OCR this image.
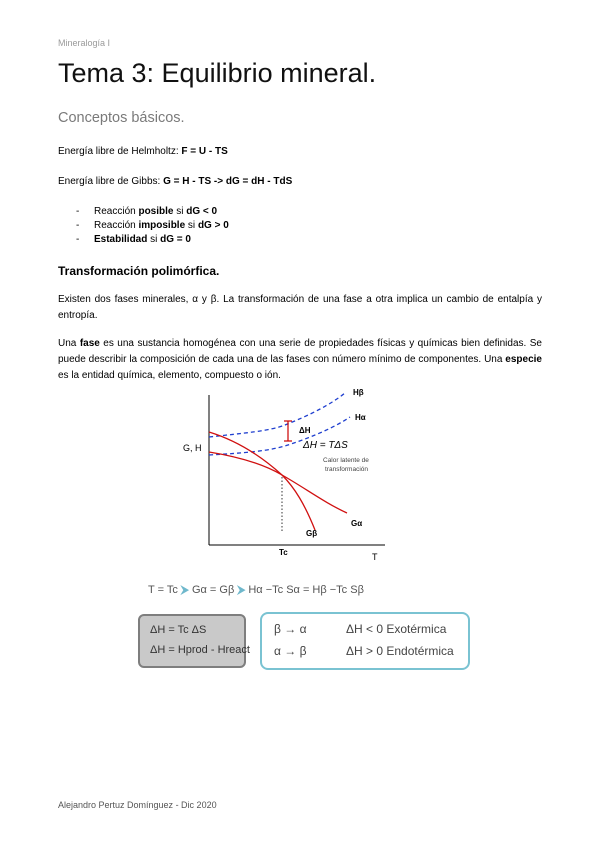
Mineralogía I
Tema 3: Equilibrio mineral.
Conceptos básicos.
Energía libre de Helmholtz: F = U - TS
Energía libre de Gibbs: G = H - TS -> dG = dH - TdS
- Reacción posible si dG < 0
- Reacción imposible si dG > 0
- Estabilidad si dG = 0
Transformación polimórfica.
Existen dos fases minerales, α y β. La transformación de una fase a otra implica un cambio de entalpía y entropía.
Una fase es una sustancia homogénea con una serie de propiedades físicas y químicas bien definidas. Se puede describir la composición de cada una de las fases con número mínimo de componentes. Una especie es la entidad química, elemento, compuesto o ión.
G, H
T
Hβ
Hα
ΔH
ΔH = TΔS
Calor latente de
transformación
Gα
Gβ
Tc
T = Tc ⮞ Gα = Gβ ⮞ Hα −Tc Sα = Hβ −Tc Sβ
ΔH = Tc ΔS
ΔH = Hprod - Hreact
β → α	ΔH < 0 Exotérmica
α → β	ΔH > 0 Endotérmica
Alejandro Pertuz Domínguez - Dic 2020
